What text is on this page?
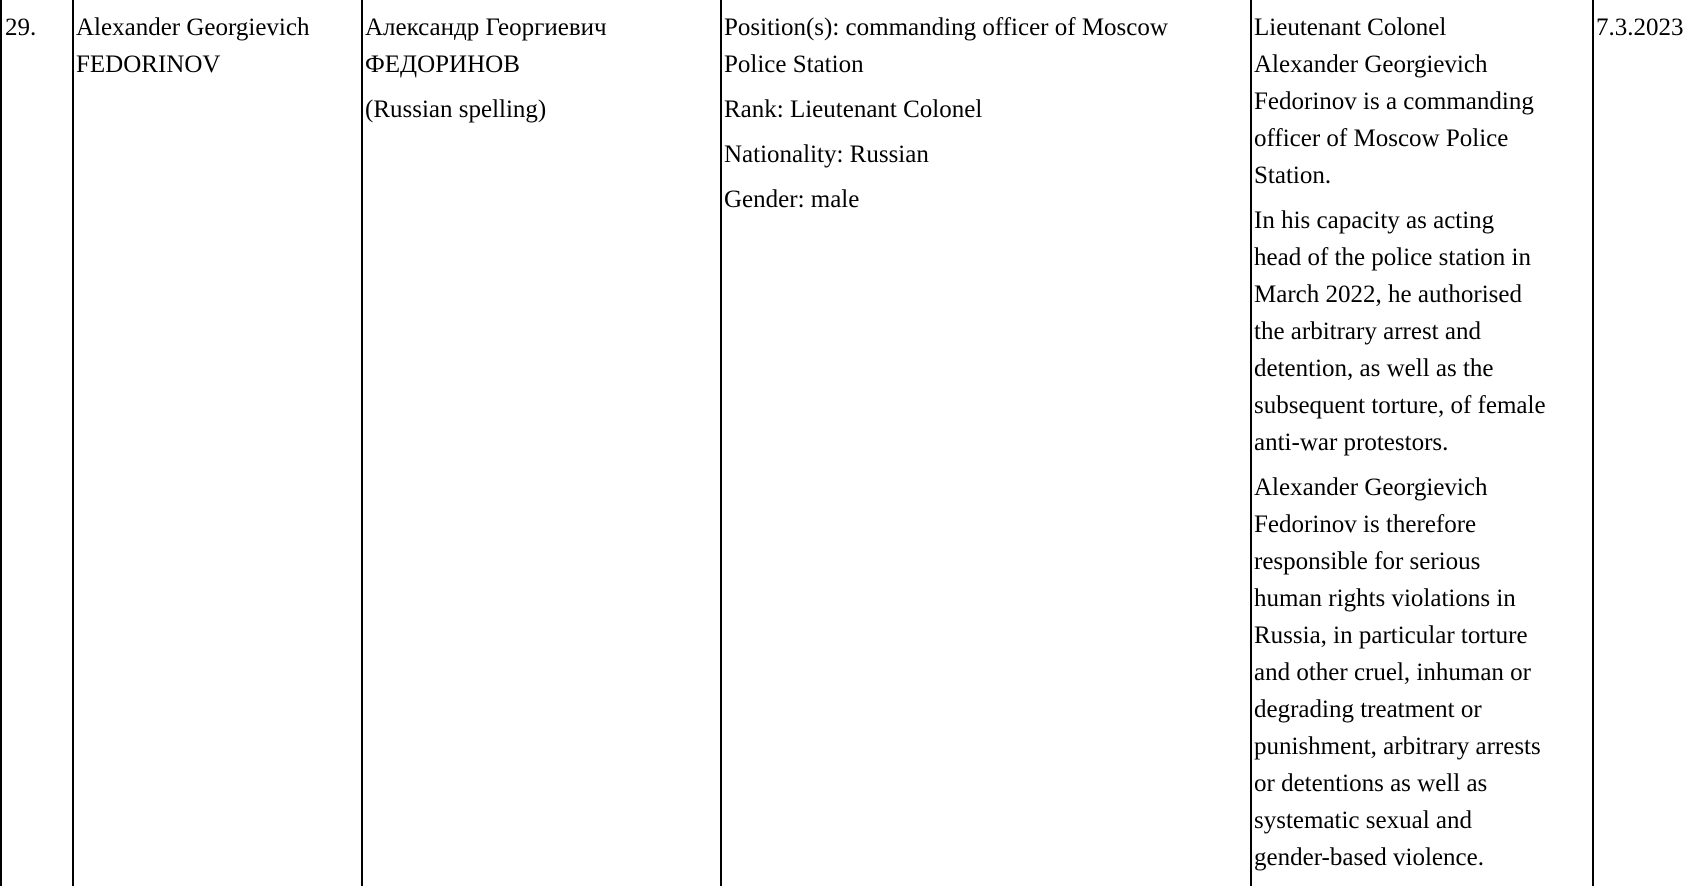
29.	Alexander Georgievich
FEDORINOV
Александр Георгиевич
ФЕДОРИНОВ
(Russian spelling)
Position(s): commanding officer of Moscow
Police Station
Rank: Lieutenant Colonel
Nationality: Russian
Gender: male
Lieutenant Colonel
Alexander Georgievich
Fedorinov is a commanding
officer of Moscow Police
Station.
In his capacity as acting
head of the police station in
March 2022, he authorised
the arbitrary arrest and
detention, as well as the
subsequent torture, of female
anti-war protestors.
Alexander Georgievich
Fedorinov is therefore
responsible for serious
human rights violations in
Russia, in particular torture
and other cruel, inhuman or
degrading treatment or
punishment, arbitrary arrests
or detentions as well as
systematic sexual and
gender-based violence.
7.3.2023
